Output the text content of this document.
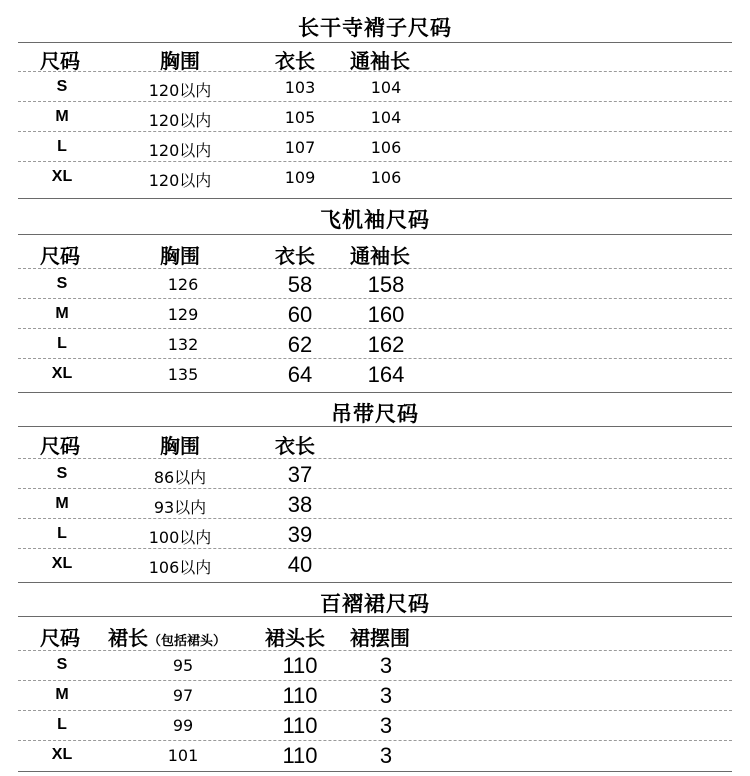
长干寺褙子尺码
尺码	胸围	衣长 通袖长
S	120以内	103	104
M	120以内	105	104
L	120以内	107	106
XL	120以内	109	106
飞机袖尺码
尺码	胸围	衣长 通袖长
S	126	58	158
M	129	60	160
L	132	62	162
XL	135	64	164
吊带尺码
尺码	胸围	衣长
S	86以内	37
M	93以内	38
L	100以内	39
XL	106以内	40
百褶裙尺码
尺码 裙长（包括裙头） 裙头长 裙摆围
S	95	110	3
M	97	110	3
L	99	110	3
XL	101	110	3
